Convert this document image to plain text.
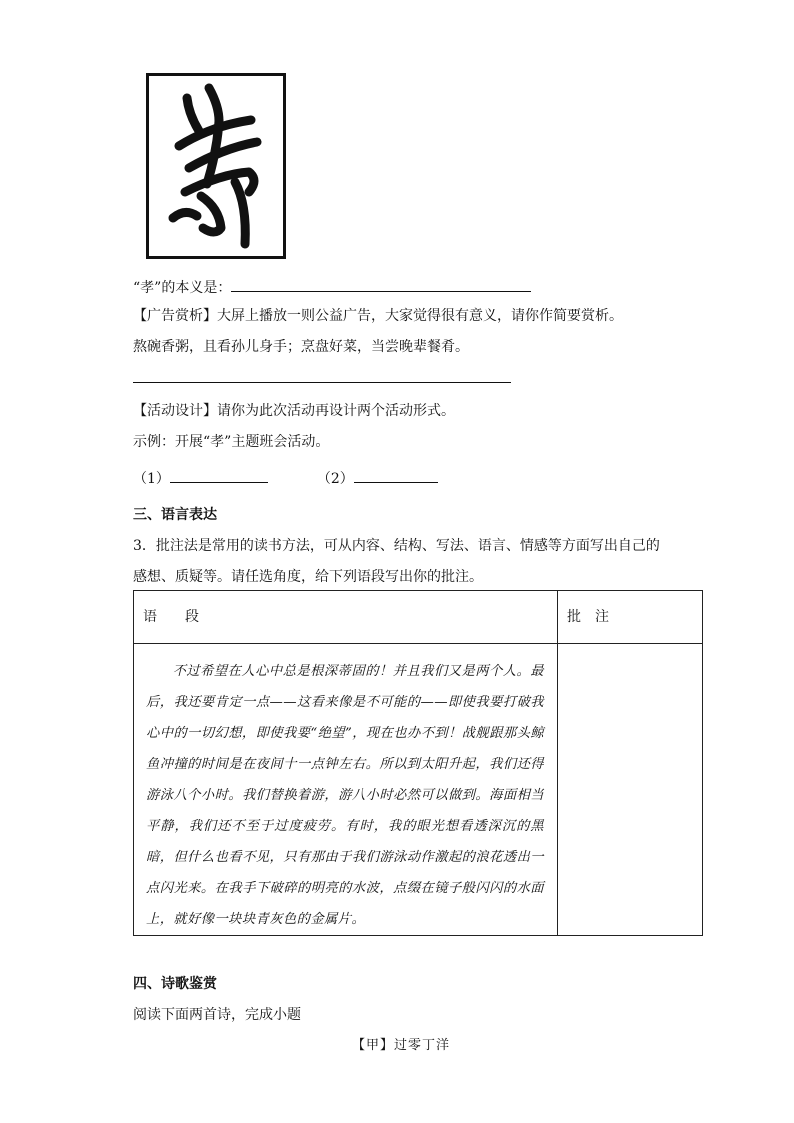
“孝”的本义是：
【广告赏析】大屏上播放一则公益广告，大家觉得很有意义，请你作简要赏析。
熬碗香粥，且看孙儿身手；烹盘好菜，当尝晚辈餐肴。
【活动设计】请你为此次活动再设计两个活动形式。
示例：开展“孝”主题班会活动。
（1）	（2）
三、语言表达
3．批注法是常用的读书方法，可从内容、结构、写法、语言、情感等方面写出自己的
感想、质疑等。请任选角度，给下列语段写出你的批注。
语　　段	批　注

不过希望在人心中总是根深蒂固的！并且我们又是两个人。最后，我还要肯定一点——这看来像是不可能的——即使我要打破我心中的一切幻想，即使我要“绝望”，现在也办不到！战舰跟那头鲸鱼冲撞的时间是在夜间十一点钟左右。所以到太阳升起，我们还得游泳八个小时。我们替换着游，游八小时必然可以做到。海面相当平静，我们还不至于过度疲劳。有时，我的眼光想看透深沉的黑暗，但什么也看不见，只有那由于我们游泳动作激起的浪花透出一点闪光来。在我手下破碎的明亮的水波，点缀在镜子般闪闪的水面上，就好像一块块青灰色的金属片。	

四、诗歌鉴赏
阅读下面两首诗，完成小题
【甲】过零丁洋
